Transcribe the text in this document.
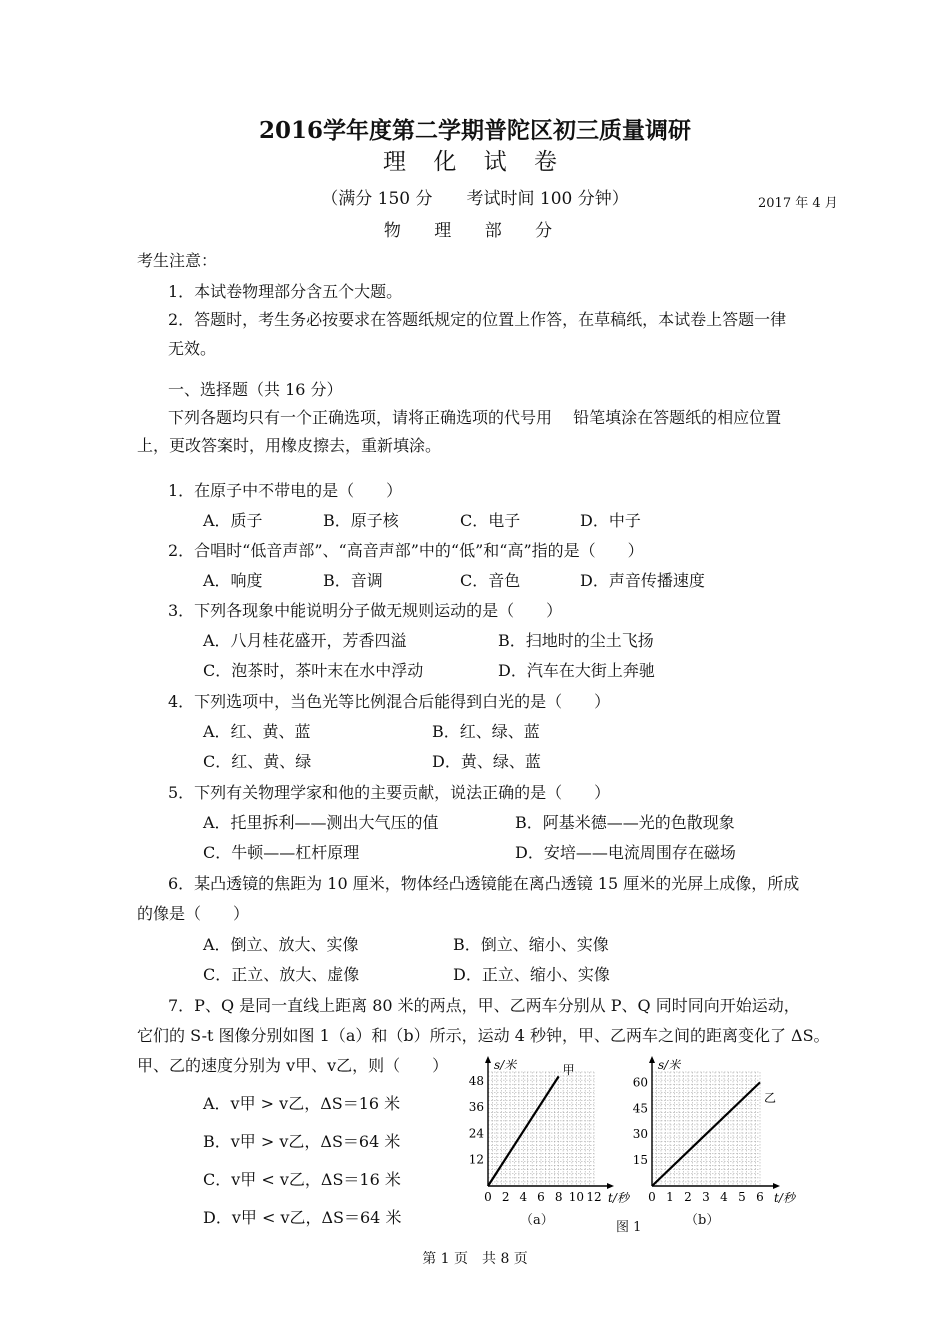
2016学年度第二学期普陀区初三质量调研
理 化 试 卷
（满分 150 分　　考试时间 100 分钟）	2017 年 4 月
物 理 部 分
考生注意：
1．本试卷物理部分含五个大题。
2．答题时，考生务必按要求在答题纸规定的位置上作答，在草稿纸，本试卷上答题一律
无效。
一、选择题（共 16 分）
下列各题均只有一个正确选项，请将正确选项的代号用　 铅笔填涂在答题纸的相应位置
上，更改答案时，用橡皮擦去，重新填涂。
1．在原子中不带电的是（　　）
A．质子	B．原子核	C．电子	D．中子
2．合唱时“低音声部”、“高音声部”中的“低”和“高”指的是（　　）
A．响度	B．音调	C．音色	D．声音传播速度
3．下列各现象中能说明分子做无规则运动的是（　　）
A．八月桂花盛开，芳香四溢	B．扫地时的尘土飞扬
C．泡茶时，茶叶末在水中浮动	D．汽车在大街上奔驰
4．下列选项中，当色光等比例混合后能得到白光的是（　　）
A．红、黄、蓝	B．红、绿、蓝
C．红、黄、绿	D．黄、绿、蓝
5．下列有关物理学家和他的主要贡献，说法正确的是（　　）
A．托里拆利——测出大气压的值	B．阿基米德——光的色散现象
C．牛顿——杠杆原理	D．安培——电流周围存在磁场
6．某凸透镜的焦距为 10 厘米，物体经凸透镜能在离凸透镜 15 厘米的光屏上成像，所成
的像是（　　）
A．倒立、放大、实像	B．倒立、缩小、实像
C．正立、放大、虚像	D．正立、缩小、实像
7．P、Q 是同一直线上距离 80 米的两点，甲、乙两车分别从 P、Q 同时同向开始运动，
它们的 S-t 图像分别如图 1（a）和（b）所示，运动 4 秒钟，甲、乙两车之间的距离变化了 ΔS。
甲、乙的速度分别为 v甲、v乙，则（　　）
A．v甲 > v乙，ΔS＝16 米
B．v甲 > v乙，ΔS＝64 米
C．v甲 < v乙，ΔS＝16 米
D．v甲 < v乙，ΔS＝64 米
0 2 4 6 8 10 12
12
24
36
48
s/米
t/秒
甲
0 1 2 3 4 5 6
15
30
45
60
s/米
t/秒
乙
（a）	图 1	（b）
第 1 页　共 8 页
